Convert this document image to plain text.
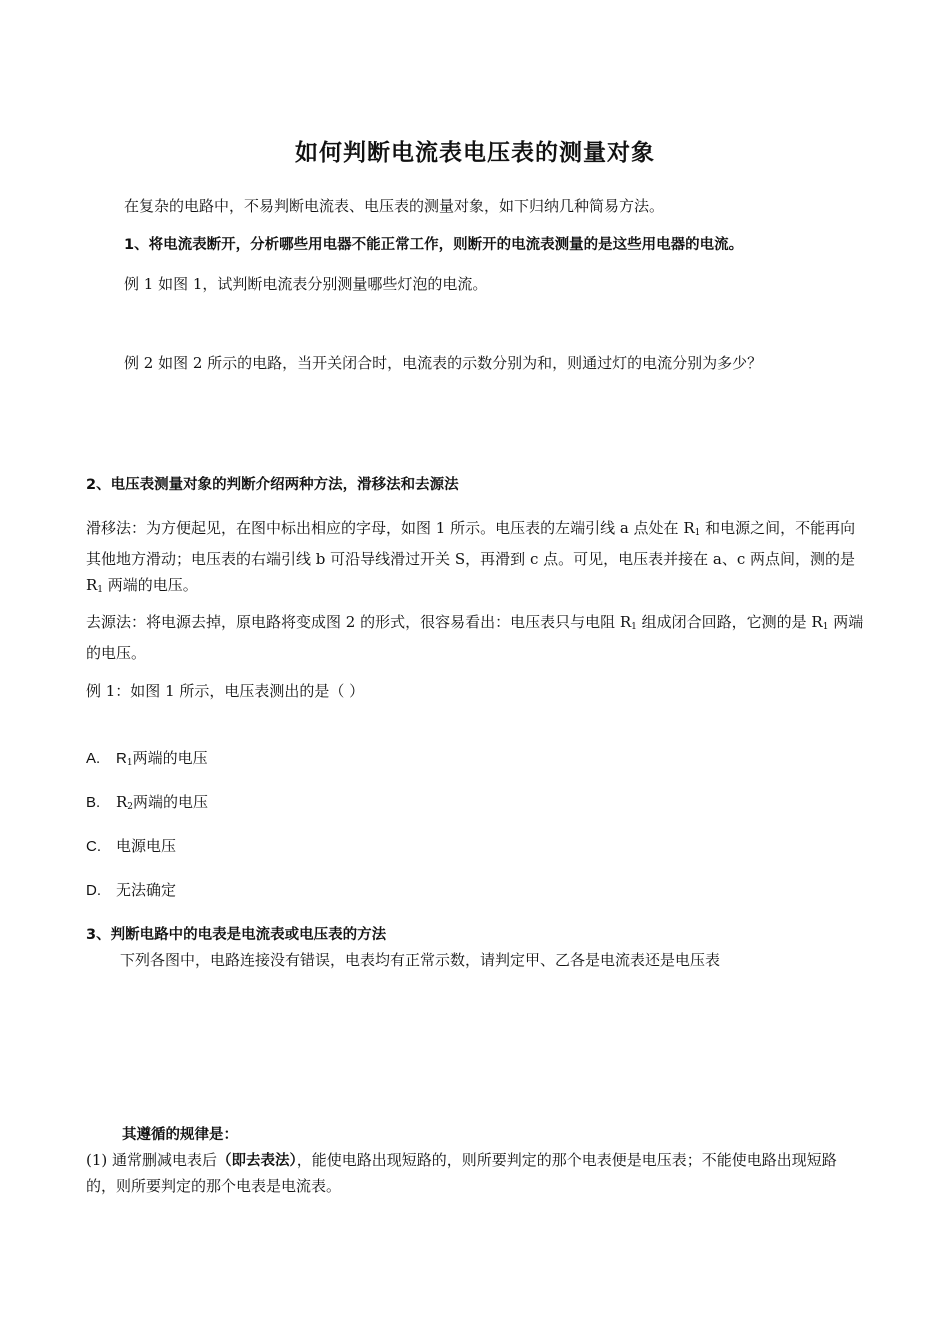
如何判断电流表电压表的测量对象
在复杂的电路中，不易判断电流表、电压表的测量对象，如下归纳几种简易方法。
1、将电流表断开，分析哪些用电器不能正常工作，则断开的电流表测量的是这些用电器的电流。
例 1 如图 1，试判断电流表分别测量哪些灯泡的电流。
例 2 如图 2 所示的电路，当开关闭合时，电流表的示数分别为和，则通过灯的电流分别为多少？
2、电压表测量对象的判断介绍两种方法，滑移法和去源法
滑移法：为方便起见，在图中标出相应的字母，如图 1 所示。电压表的左端引线 a 点处在 $R_1$ 和电源之间，不能再向其他地方滑动；电压表的右端引线 b 可沿导线滑过开关 S，再滑到 c 点。可见，电压表并接在 a、c 两点间，测的是 $R_1$ 两端的电压。
去源法：将电源去掉，原电路将变成图 2 的形式，很容易看出：电压表只与电阻 $R_1$ 组成闭合回路，它测的是 $R_1$ 两端的电压。
例 1：如图 1 所示，电压表测出的是（ ）
A. $R_1$两端的电压
B. $R_2$两端的电压
C. 电源电压
D. 无法确定
3、判断电路中的电表是电流表或电压表的方法
下列各图中，电路连接没有错误，电表均有正常示数，请判定甲、乙各是电流表还是电压表
其遵循的规律是：
(1) 通常删减电表后（即去表法），能使电路出现短路的，则所要判定的那个电表便是电压表；不能使电路出现短路的，则所要判定的那个电表是电流表。
